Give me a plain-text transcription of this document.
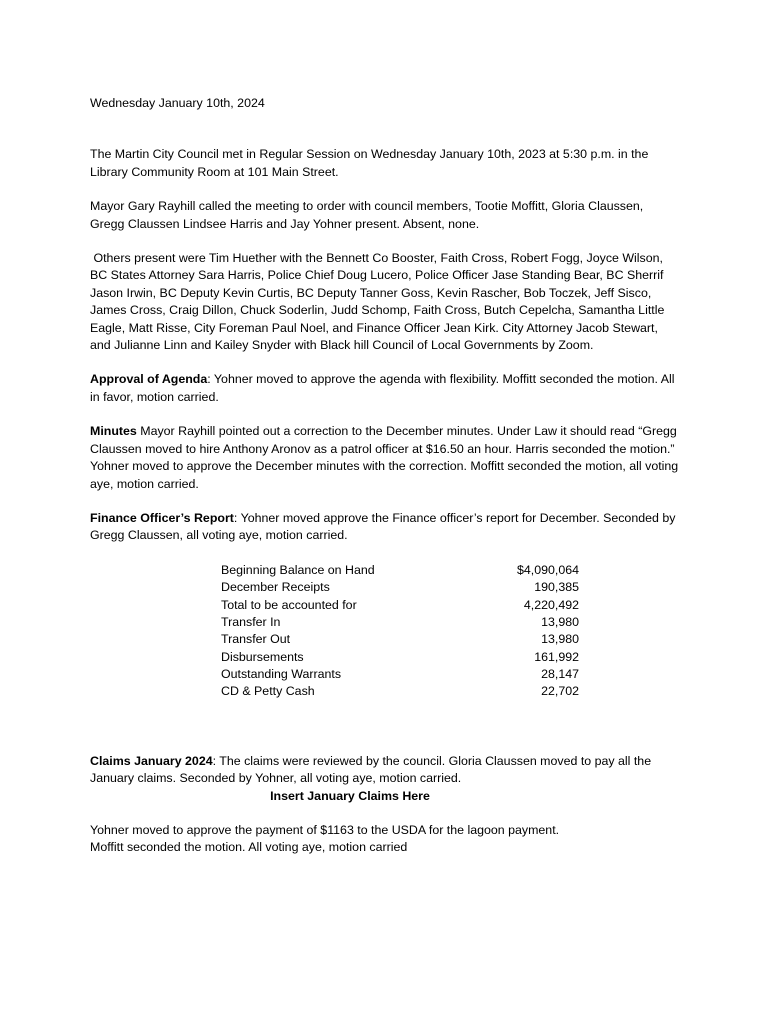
Wednesday January 10th, 2024

The Martin City Council met in Regular Session on Wednesday January 10th, 2023 at 5:30 p.m. in the Library Community Room at 101 Main Street.

Mayor Gary Rayhill called the meeting to order with council members, Tootie Moffitt, Gloria Claussen, Gregg Claussen Lindsee Harris and Jay Yohner present. Absent, none.

Others present were Tim Huether with the Bennett Co Booster, Faith Cross, Robert Fogg, Joyce Wilson, BC States Attorney Sara Harris, Police Chief Doug Lucero, Police Officer Jase Standing Bear, BC Sherrif Jason Irwin, BC Deputy Kevin Curtis, BC Deputy Tanner Goss, Kevin Rascher, Bob Toczek, Jeff Sisco, James Cross, Craig Dillon, Chuck Soderlin, Judd Schomp, Faith Cross, Butch Cepelcha, Samantha Little Eagle, Matt Risse, City Foreman Paul Noel, and Finance Officer Jean Kirk. City Attorney Jacob Stewart, and Julianne Linn and Kailey Snyder with Black hill Council of Local Governments by Zoom.

Approval of Agenda: Yohner moved to approve the agenda with flexibility. Moffitt seconded the motion. All in favor, motion carried.

Minutes Mayor Rayhill pointed out a correction to the December minutes. Under Law it should read “Gregg Claussen moved to hire Anthony Aronov as a patrol officer at $16.50 an hour. Harris seconded the motion.” Yohner moved to approve the December minutes with the correction. Moffitt seconded the motion, all voting aye, motion carried.

Finance Officer’s Report: Yohner moved approve the Finance officer’s report for December. Seconded by Gregg Claussen, all voting aye, motion carried.

Beginning Balance on Hand	$4,090,064
December Receipts	190,385
Total to be accounted for	4,220,492
Transfer In	13,980
Transfer Out	13,980
Disbursements	161,992
Outstanding Warrants	28,147
CD & Petty Cash	22,702

Claims January 2024: The claims were reviewed by the council. Gloria Claussen moved to pay all the January claims. Seconded by Yohner, all voting aye, motion carried.

Insert January Claims Here

Yohner moved to approve the payment of $1163 to the USDA for the lagoon payment.

Moffitt seconded the motion. All voting aye, motion carried
